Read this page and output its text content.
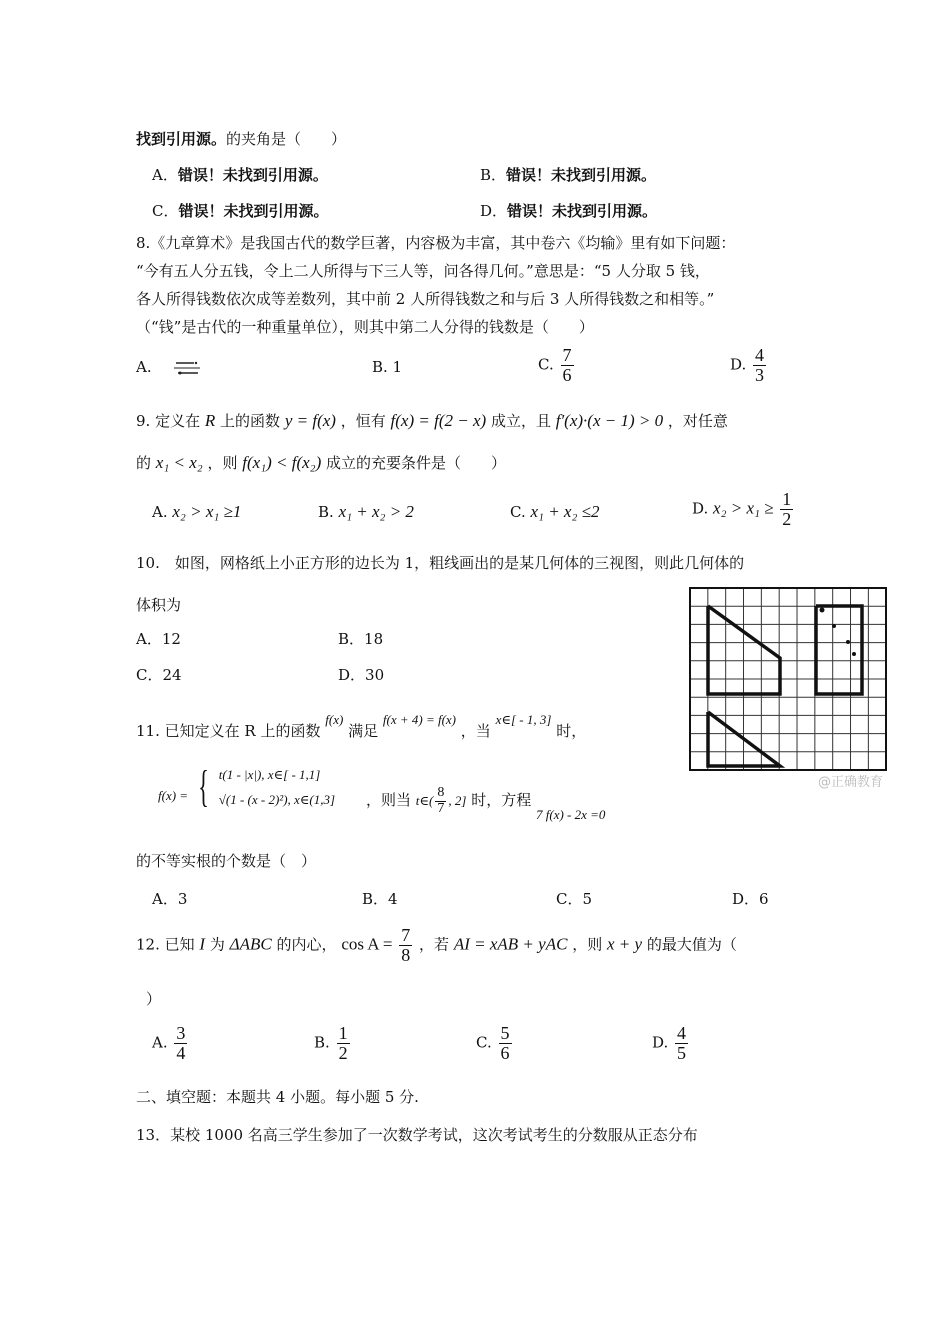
找到引用源。的夹角是（　　）
A．错误！未找到引用源。	B．错误！未找到引用源。
C．错误！未找到引用源。	D．错误！未找到引用源。
8.《九章算术》是我国古代的数学巨著，内容极为丰富，其中卷六《均输》里有如下问题：
“今有五人分五钱，令上二人所得与下三人等，问各得几何。”意思是：“5 人分取 5 钱，
各人所得钱数依次成等差数列，其中前 2 人所得钱数之和与后 3 人所得钱数之和相等。”
（“钱”是古代的一种重量单位），则其中第二人分得的钱数是（　　）
A.	B. 1	C. $\frac{7}{6}$	D. $\frac{4}{3}$
9. 定义在 R 上的函数 y = f(x) ，恒有 f(x) = f(2 − x) 成立，且 f′(x)·(x − 1) > 0 ，对任意
的 x₁ < x₂ ，则 f(x₁) < f(x₂) 成立的充要条件是（　　）
A. x₂ > x₁ ≥1	B. x₁ + x₂ > 2	C. x₁ + x₂ ≤2	D. $x_2 > x_1 \ge \frac{1}{2}$
10.　如图，网格纸上小正方形的边长为 1，粗线画出的是某几何体的三视图，则此几何体的
体积为
A．12	B．18
C．24	D．30
@正确教育
11. 已知定义在 R 上的函数 f(x) 满足 f(x + 4) = f(x) ，当 x∈[ - 1, 3] 时，
f(x) = { t(1 - |x|), x∈[ - 1,1]
√(1 - (x - 2)²), x∈(1,3] ，则当 t∈( $\frac{8}{7}$ , 2] 时，方程 7 f(x) - 2x =0
的不等实根的个数是（　）
A．3	B．4	C．5	D．6
12. 已知 I 为 ΔABC 的内心， $\cos A = \frac{7}{8}$ ，若 AI = xAB + yAC ，则 x + y 的最大值为（
）
A. $\frac{3}{4}$	B. $\frac{1}{2}$	C. $\frac{5}{6}$	D. $\frac{4}{5}$
二、填空题：本题共 4 小题。每小题 5 分.
13．某校 1000 名高三学生参加了一次数学考试，这次考试考生的分数服从正态分布
